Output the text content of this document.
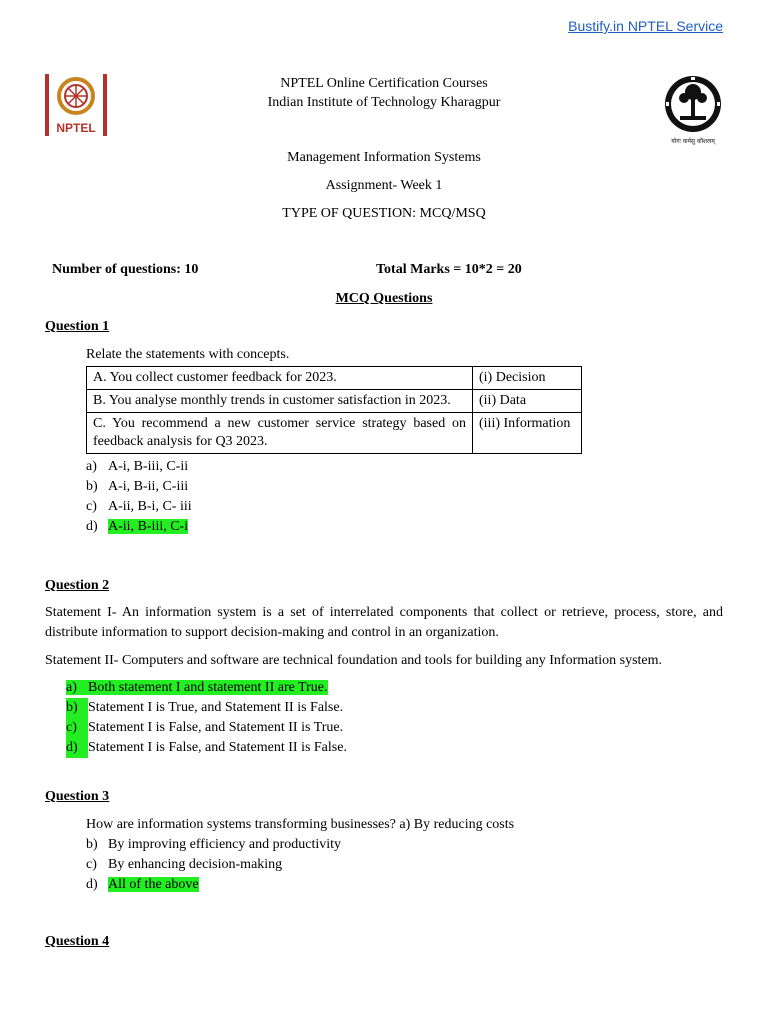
Bustify.in NPTEL Service
NPTEL
योगः कर्मसु कौशलम्
NPTEL Online Certification Courses
Indian Institute of Technology Kharagpur
Management Information Systems
Assignment- Week 1
TYPE OF QUESTION: MCQ/MSQ
Number of questions: 10	Total Marks = 10*2 = 20
MCQ Questions
Question 1
Relate the statements with concepts.
A. You collect customer feedback for 2023.	(i) Decision
B. You analyse monthly trends in customer satisfaction in 2023.	(ii) Data
C. You recommend a new customer service strategy based on feedback analysis for Q3 2023.	(iii) Information
a) A-i, B-iii, C-ii
b) A-i, B-ii, C-iii
c) A-ii, B-i, C- iii
d) A-ii, B-iii, C-i
Question 2
Statement I- An information system is a set of interrelated components that collect or retrieve, process, store, and distribute information to support decision-making and control in an organization.
Statement II- Computers and software are technical foundation and tools for building any Information system.
a) Both statement I and statement II are True.
b) Statement I is True, and Statement II is False.
c) Statement I is False, and Statement II is True.
d) Statement I is False, and Statement II is False.
Question 3
How are information systems transforming businesses? a) By reducing costs
b) By improving efficiency and productivity
c) By enhancing decision-making
d) All of the above
Question 4
